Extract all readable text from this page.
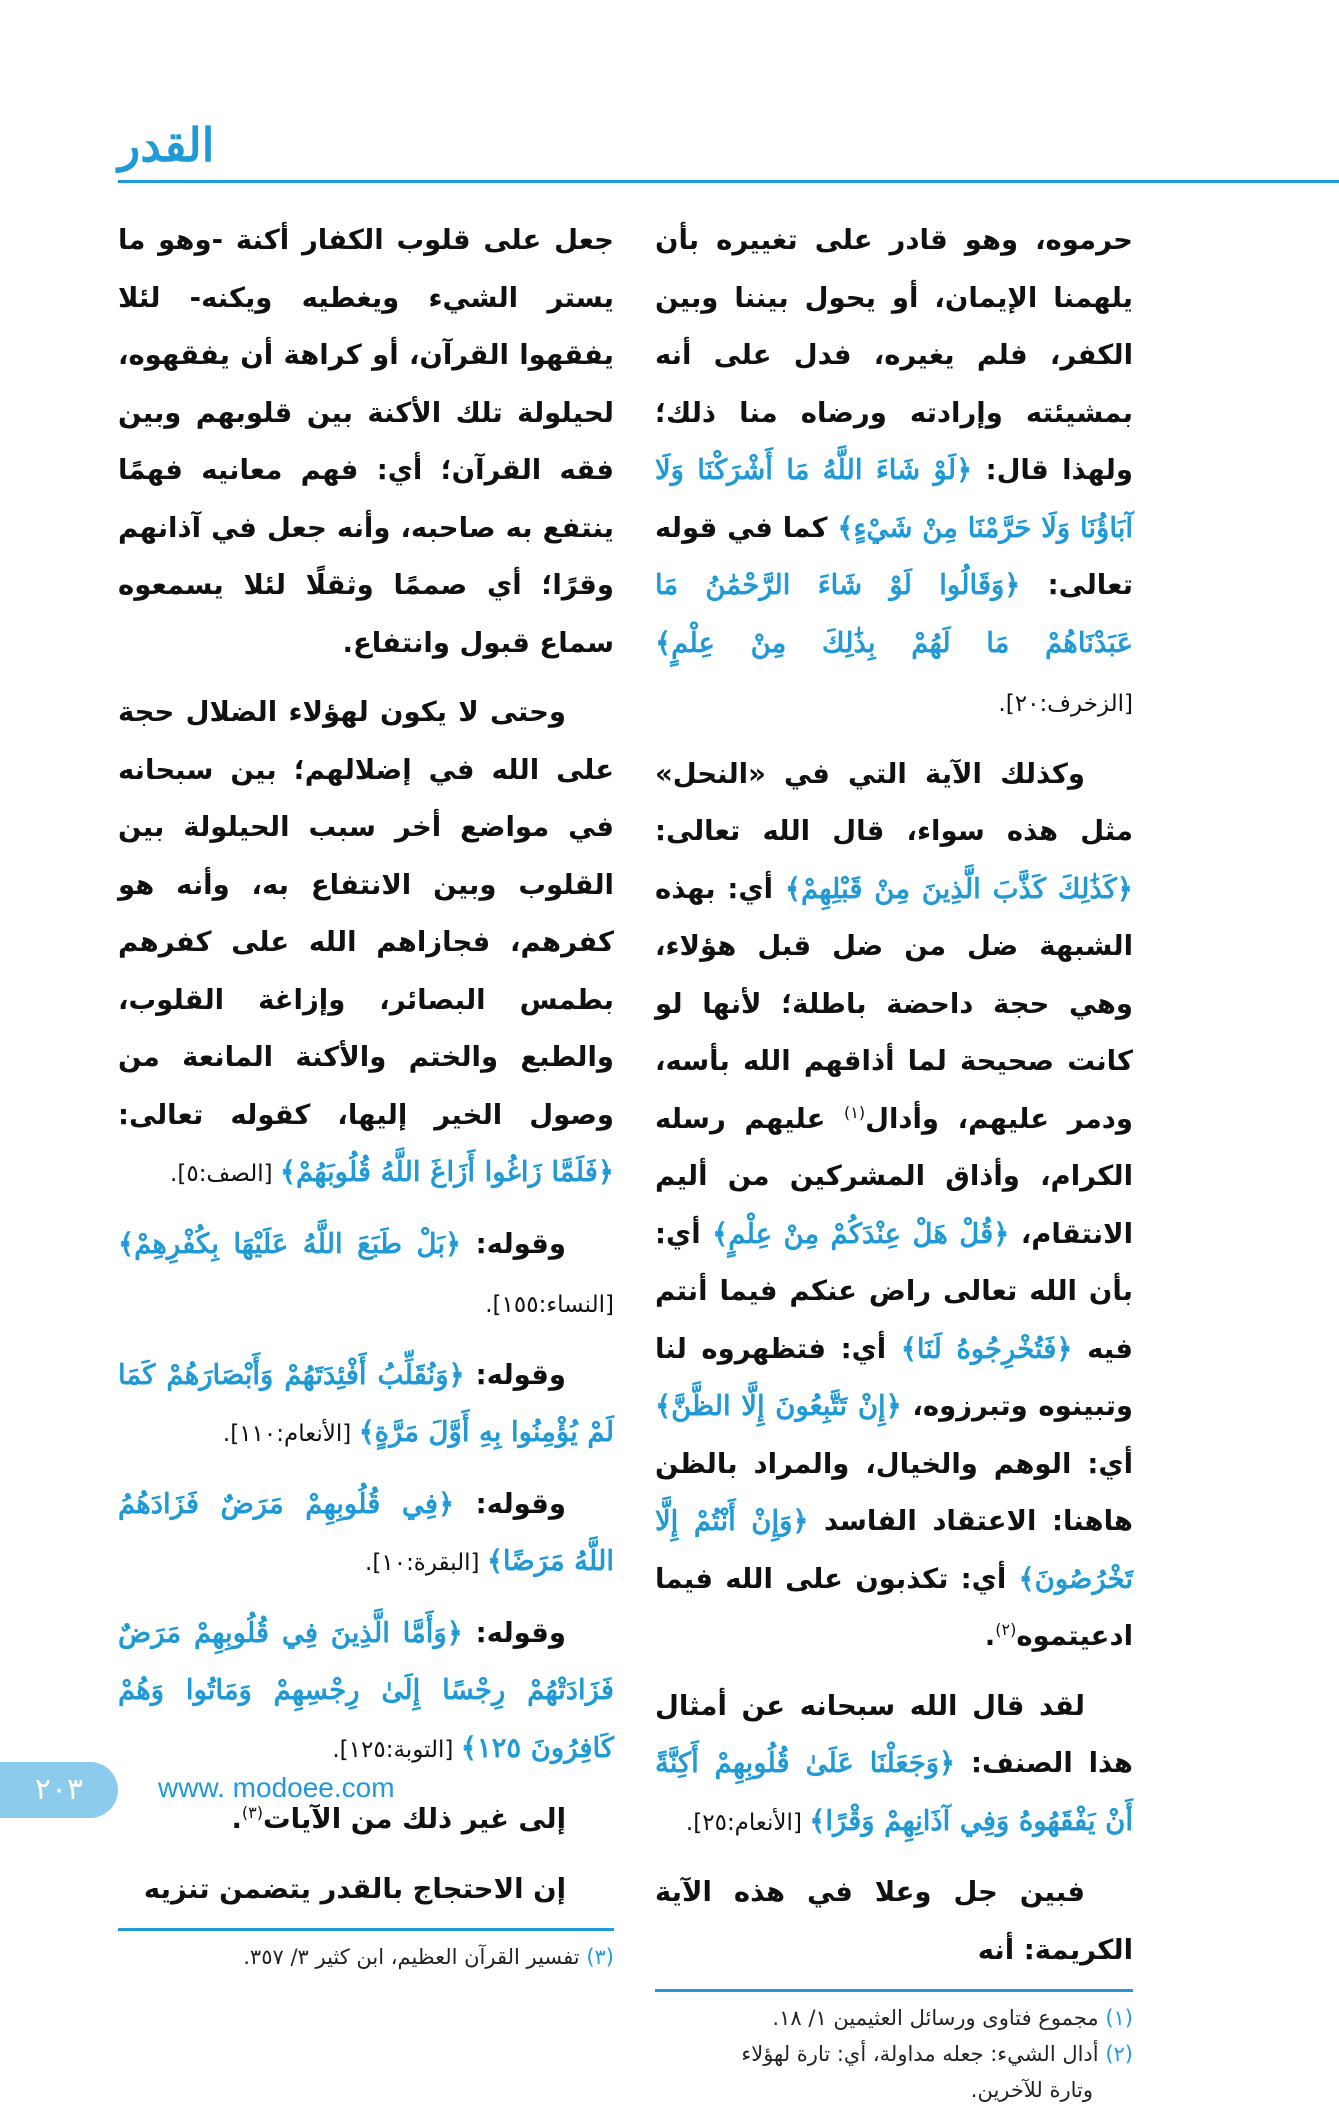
القدر

حرموه، وهو قادر على تغييره بأن يلهمنا الإيمان، أو يحول بيننا وبين الكفر، فلم يغيره، فدل على أنه بمشيئته وإرادته ورضاه منا ذلك؛ ولهذا قال: ﴿لَوْ شَاءَ اللَّهُ مَا أَشْرَكْنَا وَلَا آبَاؤُنَا وَلَا حَرَّمْنَا مِنْ شَيْءٍ﴾ كما في قوله تعالى: ﴿وَقَالُوا لَوْ شَاءَ الرَّحْمَٰنُ مَا عَبَدْنَاهُمْ مَا لَهُمْ بِذَٰلِكَ مِنْ عِلْمٍ﴾ [الزخرف:٢٠].

وكذلك الآية التي في «النحل» مثل هذه سواء، قال الله تعالى: ﴿كَذَٰلِكَ كَذَّبَ الَّذِينَ مِنْ قَبْلِهِمْ﴾ أي: بهذه الشبهة ضل من ضل قبل هؤلاء، وهي حجة داحضة باطلة؛ لأنها لو كانت صحيحة لما أذاقهم الله بأسه، ودمر عليهم، وأدال$^{(١)}$ عليهم رسله الكرام، وأذاق المشركين من أليم الانتقام، ﴿قُلْ هَلْ عِنْدَكُمْ مِنْ عِلْمٍ﴾ أي: بأن الله تعالى راض عنكم فيما أنتم فيه ﴿فَتُخْرِجُوهُ لَنَا﴾ أي: فتظهروه لنا وتبينوه وتبرزوه، ﴿إِنْ تَتَّبِعُونَ إِلَّا الظَّنَّ﴾ أي: الوهم والخيال، والمراد بالظن هاهنا: الاعتقاد الفاسد ﴿وَإِنْ أَنْتُمْ إِلَّا تَخْرُصُونَ﴾ أي: تكذبون على الله فيما ادعيتموه$^{(٢)}$.

لقد قال الله سبحانه عن أمثال هذا الصنف: ﴿وَجَعَلْنَا عَلَىٰ قُلُوبِهِمْ أَكِنَّةً أَنْ يَفْقَهُوهُ وَفِي آذَانِهِمْ وَقْرًا﴾ [الأنعام:٢٥].

فبين جل وعلا في هذه الآية الكريمة: أنه

(١) مجموع فتاوى ورسائل العثيمين ١/ ١٨.

(٢) أدال الشيء: جعله مداولة، أي: تارة لهؤلاء

وتارة للآخرين.

جعل على قلوب الكفار أكنة -وهو ما يستر الشيء ويغطيه ويكنه- لئلا يفقهوا القرآن، أو كراهة أن يفقهوه، لحيلولة تلك الأكنة بين قلوبهم وبين فقه القرآن؛ أي: فهم معانيه فهمًا ينتفع به صاحبه، وأنه جعل في آذانهم وقرًا؛ أي صممًا وثقلًا لئلا يسمعوه سماع قبول وانتفاع.

وحتى لا يكون لهؤلاء الضلال حجة على الله في إضلالهم؛ بين سبحانه في مواضع أخر سبب الحيلولة بين القلوب وبين الانتفاع به، وأنه هو كفرهم، فجازاهم الله على كفرهم بطمس البصائر، وإزاغة القلوب، والطبع والختم والأكنة المانعة من وصول الخير إليها، كقوله تعالى: ﴿فَلَمَّا زَاغُوا أَزَاغَ اللَّهُ قُلُوبَهُمْ﴾ [الصف:٥].

وقوله: ﴿بَلْ طَبَعَ اللَّهُ عَلَيْهَا بِكُفْرِهِمْ﴾ [النساء:١٥٥].

وقوله: ﴿وَنُقَلِّبُ أَفْئِدَتَهُمْ وَأَبْصَارَهُمْ كَمَا لَمْ يُؤْمِنُوا بِهِ أَوَّلَ مَرَّةٍ﴾ [الأنعام:١١٠].

وقوله: ﴿فِي قُلُوبِهِمْ مَرَضٌ فَزَادَهُمُ اللَّهُ مَرَضًا﴾ [البقرة:١٠].

وقوله: ﴿وَأَمَّا الَّذِينَ فِي قُلُوبِهِمْ مَرَضٌ فَزَادَتْهُمْ رِجْسًا إِلَىٰ رِجْسِهِمْ وَمَاتُوا وَهُمْ كَافِرُونَ ١٢٥﴾ [التوبة:١٢٥].

إلى غير ذلك من الآيات$^{(٣)}$.

إن الاحتجاج بالقدر يتضمن تنزيه

(٣) تفسير القرآن العظيم، ابن كثير ٣/ ٣٥٧.

٢٠٣	www. modoee.com
